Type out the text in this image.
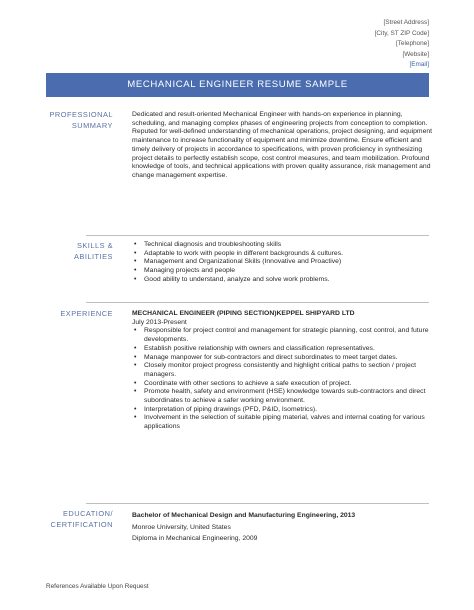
[Street Address]
[City, ST ZIP Code]
[Telephone]
[Website]
[Email]
MECHANICAL ENGINEER RESUME SAMPLE
PROFESSIONAL
SUMMARY
Dedicated and result-oriented Mechanical Engineer with hands-on experience in planning, scheduling, and managing complex phases of engineering projects from conception to completion. Reputed for well-defined understanding of mechanical operations, project designing, and equipment maintenance to increase functionality of equipment and minimize downtime. Ensure efficient and timely delivery of projects in accordance to specifications, with proven proficiency in synthesizing project details to perfectly establish scope, cost control measures, and team mobilization. Profound knowledge of tools, and technical applications with proven quality assurance, risk management and change management expertise.
SKILLS &
ABILITIES
• Technical diagnosis and troubleshooting skills
• Adaptable to work with people in different backgrounds & cultures.
• Management and Organizational Skills (Innovative and Proactive)
• Managing projects and people
• Good ability to understand, analyze and solve work problems.
EXPERIENCE	MECHANICAL ENGINEER (PIPING SECTION)KEPPEL SHIPYARD LTD
July 2013-Present
• Responsible for project control and management for strategic planning, cost control, and future developments.
• Establish positive relationship with owners and classification representatives.
• Manage manpower for sub-contractors and direct subordinates to meet target dates.
• Closely monitor project progress consistently and highlight critical paths to section / project managers.
• Coordinate with other sections to achieve a safe execution of project.
• Promote health, safety and environment (HSE) knowledge towards sub-contractors and direct subordinates to achieve a safer working environment.
• Interpretation of piping drawings (PFD, P&ID, Isometrics).
• Involvement in the selection of suitable piping material, valves and internal coating for various applications
EDUCATION/
CERTIFICATION
Bachelor of Mechanical Design and Manufacturing Engineering, 2013
Monroe University, United States
Diploma in Mechanical Engineering, 2009
References Available Upon Request
